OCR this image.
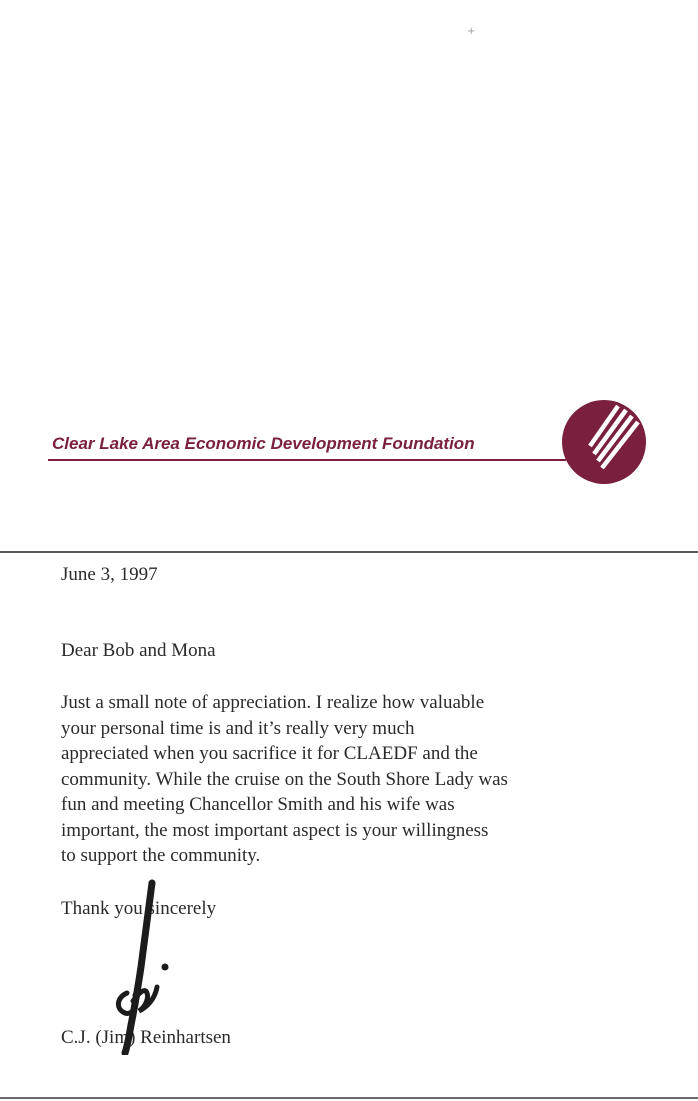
+
Clear Lake Area Economic Development Foundation
June 3, 1997
Dear Bob and Mona
Just a small note of appreciation. I realize how valuable
your personal time is and it’s really very much
appreciated when you sacrifice it for CLAEDF and the
community. While the cruise on the South Shore Lady was
fun and meeting Chancellor Smith and his wife was
important, the most important aspect is your willingness
to support the community.
Thank you sincerely
C.J. (Jim) Reinhartsen
